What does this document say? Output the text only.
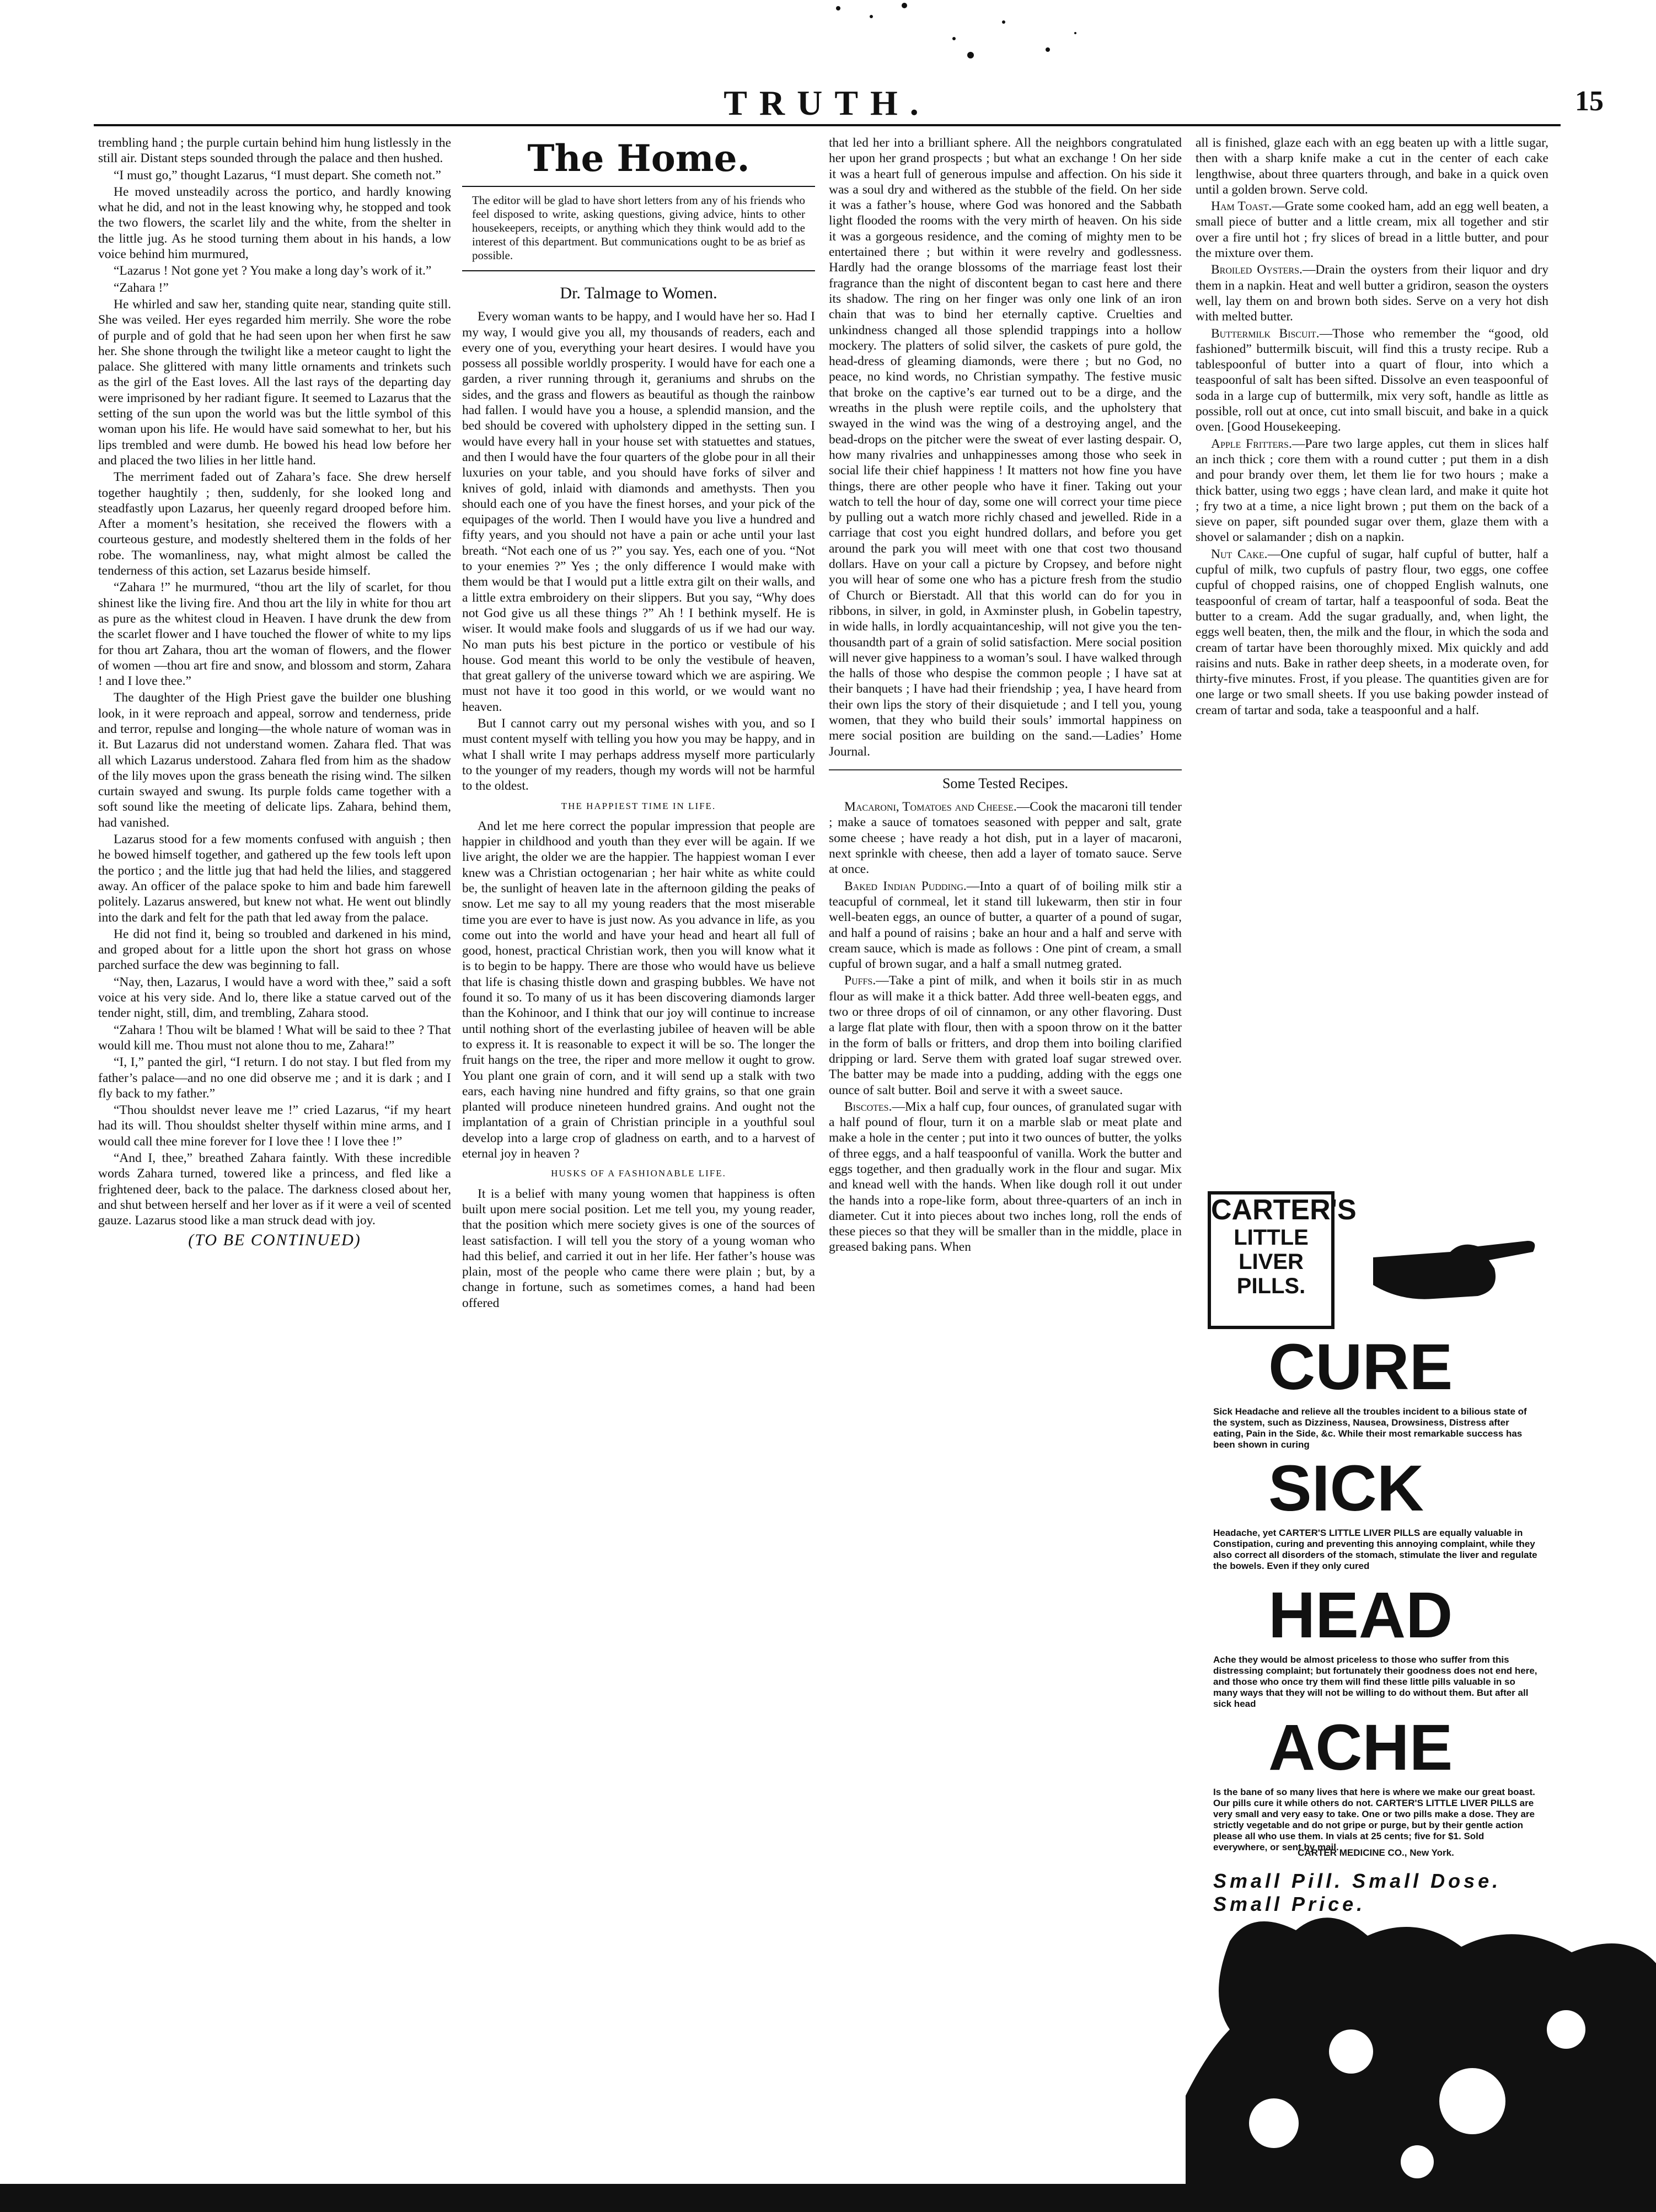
TRUTH.	15

trembling hand ; the purple curtain behind him hung listlessly in the still air. Distant steps sounded through the palace and then hushed.

“I must go,” thought Lazarus, “I must depart. She cometh not.”

He moved unsteadily across the portico, and hardly knowing what he did, and not in the least knowing why, he stopped and took the two flowers, the scarlet lily and the white, from the shelter in the little jug. As he stood turning them about in his hands, a low voice behind him murmured,

“Lazarus ! Not gone yet ? You make a long day’s work of it.”

“Zahara !”

He whirled and saw her, standing quite near, standing quite still. She was veiled. Her eyes regarded him merrily. She wore the robe of purple and of gold that he had seen upon her when first he saw her. She shone through the twilight like a meteor caught to light the palace. She glittered with many little ornaments and trinkets such as the girl of the East loves. All the last rays of the departing day were imprisoned by her radiant figure. It seemed to Lazarus that the setting of the sun upon the world was but the little symbol of this woman upon his life. He would have said somewhat to her, but his lips trembled and were dumb. He bowed his head low before her and placed the two lilies in her little hand.

The merriment faded out of Zahara’s face. She drew herself together haughtily ; then, suddenly, for she looked long and steadfastly upon Lazarus, her queenly regard drooped before him. After a moment’s hesitation, she received the flowers with a courteous gesture, and modestly sheltered them in the folds of her robe. The womanliness, nay, what might almost be called the tenderness of this action, set Lazarus beside himself.

“Zahara !” he murmured, “thou art the lily of scarlet, for thou shinest like the living fire. And thou art the lily in white for thou art as pure as the whitest cloud in Heaven. I have drunk the dew from the scarlet flower and I have touched the flower of white to my lips for thou art Zahara, thou art the woman of flowers, and the flower of women —thou art fire and snow, and blossom and storm, Zahara ! and I love thee.”

The daughter of the High Priest gave the builder one blushing look, in it were reproach and appeal, sorrow and tenderness, pride and terror, repulse and longing—the whole nature of woman was in it. But Lazarus did not understand women. Zahara fled. That was all which Lazarus understood. Zahara fled from him as the shadow of the lily moves upon the grass beneath the rising wind. The silken curtain swayed and swung. Its purple folds came together with a soft sound like the meeting of delicate lips. Zahara, behind them, had vanished.

Lazarus stood for a few moments confused with anguish ; then he bowed himself together, and gathered up the few tools left upon the portico ; and the little jug that had held the lilies, and staggered away. An officer of the palace spoke to him and bade him farewell politely. Lazarus answered, but knew not what. He went out blindly into the dark and felt for the path that led away from the palace.

He did not find it, being so troubled and darkened in his mind, and groped about for a little upon the short hot grass on whose parched surface the dew was beginning to fall.

“Nay, then, Lazarus, I would have a word with thee,” said a soft voice at his very side. And lo, there like a statue carved out of the tender night, still, dim, and trembling, Zahara stood.

“Zahara ! Thou wilt be blamed ! What will be said to thee ? That would kill me. Thou must not alone thou to me, Zahara!”

“I, I,” panted the girl, “I return. I do not stay. I but fled from my father’s palace—and no one did observe me ; and it is dark ; and I fly back to my father.”

“Thou shouldst never leave me !” cried Lazarus, “if my heart had its will. Thou shouldst shelter thyself within mine arms, and I would call thee mine forever for I love thee ! I love thee !”

“And I, thee,” breathed Zahara faintly. With these incredible words Zahara turned, towered like a princess, and fled like a frightened deer, back to the palace. The darkness closed about her, and shut between herself and her lover as if it were a veil of scented gauze. Lazarus stood like a man struck dead with joy.

(TO BE CONTINUED)
The Home.

The editor will be glad to have short letters from any of his friends who feel disposed to write, asking questions, giving advice, hints to other housekeepers, receipts, or anything which they think would add to the interest of this department. But communications ought to be as brief as possible.

Dr. Talmage to Women.

Every woman wants to be happy, and I would have her so. Had I my way, I would give you all, my thousands of readers, each and every one of you, everything your heart desires. I would have you possess all possible worldly prosperity. I would have for each one a garden, a river running through it, geraniums and shrubs on the sides, and the grass and flowers as beautiful as though the rainbow had fallen. I would have you a house, a splendid mansion, and the bed should be covered with upholstery dipped in the setting sun. I would have every hall in your house set with statuettes and statues, and then I would have the four quarters of the globe pour in all their luxuries on your table, and you should have forks of silver and knives of gold, inlaid with diamonds and amethysts. Then you should each one of you have the finest horses, and your pick of the equipages of the world. Then I would have you live a hundred and fifty years, and you should not have a pain or ache until your last breath. “Not each one of us ?” you say. Yes, each one of you. “Not to your enemies ?” Yes ; the only difference I would make with them would be that I would put a little extra gilt on their walls, and a little extra embroidery on their slippers. But you say, “Why does not God give us all these things ?” Ah ! I bethink myself. He is wiser. It would make fools and sluggards of us if we had our way. No man puts his best picture in the portico or vestibule of his house. God meant this world to be only the vestibule of heaven, that great gallery of the universe toward which we are aspiring. We must not have it too good in this world, or we would want no heaven.

But I cannot carry out my personal wishes with you, and so I must content myself with telling you how you may be happy, and in what I shall write I may perhaps address myself more particularly to the younger of my readers, though my words will not be harmful to the oldest.

THE HAPPIEST TIME IN LIFE.

And let me here correct the popular impression that people are happier in childhood and youth than they ever will be again. If we live aright, the older we are the happier. The happiest woman I ever knew was a Christian octogenarian ; her hair white as white could be, the sunlight of heaven late in the afternoon gilding the peaks of snow. Let me say to all my young readers that the most miserable time you are ever to have is just now. As you advance in life, as you come out into the world and have your head and heart all full of good, honest, practical Christian work, then you will know what it is to begin to be happy. There are those who would have us believe that life is chasing thistle down and grasping bubbles. We have not found it so. To many of us it has been discovering diamonds larger than the Kohinoor, and I think that our joy will continue to increase until nothing short of the everlasting jubilee of heaven will be able to express it. It is reasonable to expect it will be so. The longer the fruit hangs on the tree, the riper and more mellow it ought to grow. You plant one grain of corn, and it will send up a stalk with two ears, each having nine hundred and fifty grains, so that one grain planted will produce nineteen hundred grains. And ought not the implantation of a grain of Christian principle in a youthful soul develop into a large crop of gladness on earth, and to a harvest of eternal joy in heaven ?

HUSKS OF A FASHIONABLE LIFE.

It is a belief with many young women that happiness is often built upon mere social position. Let me tell you, my young reader, that the position which mere society gives is one of the sources of least satisfaction. I will tell you the story of a young woman who had this belief, and carried it out in her life. Her father’s house was plain, most of the people who came there were plain ; but, by a change in fortune, such as sometimes comes, a hand had been offered

that led her into a brilliant sphere. All the neighbors congratulated her upon her grand prospects ; but what an exchange ! On her side it was a heart full of generous impulse and affection. On his side it was a soul dry and withered as the stubble of the field. On her side it was a father’s house, where God was honored and the Sabbath light flooded the rooms with the very mirth of heaven. On his side it was a gorgeous residence, and the coming of mighty men to be entertained there ; but within it were revelry and godlessness. Hardly had the orange blossoms of the marriage feast lost their fragrance than the night of discontent began to cast here and there its shadow. The ring on her finger was only one link of an iron chain that was to bind her eternally captive. Cruelties and unkindness changed all those splendid trappings into a hollow mockery. The platters of solid silver, the caskets of pure gold, the head-dress of gleaming diamonds, were there ; but no God, no peace, no kind words, no Christian sympathy. The festive music that broke on the captive’s ear turned out to be a dirge, and the wreaths in the plush were reptile coils, and the upholstery that swayed in the wind was the wing of a destroying angel, and the bead-drops on the pitcher were the sweat of ever lasting despair. O, how many rivalries and unhappinesses among those who seek in social life their chief happiness ! It matters not how fine you have things, there are other people who have it finer. Taking out your watch to tell the hour of day, some one will correct your time piece by pulling out a watch more richly chased and jewelled. Ride in a carriage that cost you eight hundred dollars, and before you get around the park you will meet with one that cost two thousand dollars. Have on your call a picture by Cropsey, and before night you will hear of some one who has a picture fresh from the studio of Church or Bierstadt. All that this world can do for you in ribbons, in silver, in gold, in Axminster plush, in Gobelin tapestry, in wide halls, in lordly acquaintanceship, will not give you the ten-thousandth part of a grain of solid satisfaction. Mere social position will never give happiness to a woman’s soul. I have walked through the halls of those who despise the common people ; I have sat at their banquets ; I have had their friendship ; yea, I have heard from their own lips the story of their disquietude ; and I tell you, young women, that they who build their souls’ immortal happiness on mere social position are building on the sand.—Ladies’ Home Journal.

Some Tested Recipes.

Macaroni, Tomatoes and Cheese.—Cook the macaroni till tender ; make a sauce of tomatoes seasoned with pepper and salt, grate some cheese ; have ready a hot dish, put in a layer of macaroni, next sprinkle with cheese, then add a layer of tomato sauce. Serve at once.

Baked Indian Pudding.—Into a quart of of boiling milk stir a teacupful of cornmeal, let it stand till lukewarm, then stir in four well-beaten eggs, an ounce of butter, a quarter of a pound of sugar, and half a pound of raisins ; bake an hour and a half and serve with cream sauce, which is made as follows : One pint of cream, a small cupful of brown sugar, and a half a small nutmeg grated.

Puffs.—Take a pint of milk, and when it boils stir in as much flour as will make it a thick batter. Add three well-beaten eggs, and two or three drops of oil of cinnamon, or any other flavoring. Dust a large flat plate with flour, then with a spoon throw on it the batter in the form of balls or fritters, and drop them into boiling clarified dripping or lard. Serve them with grated loaf sugar strewed over. The batter may be made into a pudding, adding with the eggs one ounce of salt butter. Boil and serve it with a sweet sauce.

Biscotes.—Mix a half cup, four ounces, of granulated sugar with a half pound of flour, turn it on a marble slab or meat plate and make a hole in the center ; put into it two ounces of butter, the yolks of three eggs, and a half teaspoonful of vanilla. Work the butter and eggs together, and then gradually work in the flour and sugar. Mix and knead well with the hands. When like dough roll it out under the hands into a rope-like form, about three-quarters of an inch in diameter. Cut it into pieces about two inches long, roll the ends of these pieces so that they will be smaller than in the middle, place in greased baking pans. When

all is finished, glaze each with an egg beaten up with a little sugar, then with a sharp knife make a cut in the center of each cake lengthwise, about three quarters through, and bake in a quick oven until a golden brown. Serve cold.

Ham Toast.—Grate some cooked ham, add an egg well beaten, a small piece of butter and a little cream, mix all together and stir over a fire until hot ; fry slices of bread in a little butter, and pour the mixture over them.

Broiled Oysters.—Drain the oysters from their liquor and dry them in a napkin. Heat and well butter a gridiron, season the oysters well, lay them on and brown both sides. Serve on a very hot dish with melted butter.

Buttermilk Biscuit.—Those who remember the “good, old fashioned” buttermilk biscuit, will find this a trusty recipe. Rub a tablespoonful of butter into a quart of flour, into which a teaspoonful of salt has been sifted. Dissolve an even teaspoonful of soda in a large cup of buttermilk, mix very soft, handle as little as possible, roll out at once, cut into small biscuit, and bake in a quick oven. [Good Housekeeping.

Apple Fritters.—Pare two large apples, cut them in slices half an inch thick ; core them with a round cutter ; put them in a dish and pour brandy over them, let them lie for two hours ; make a thick batter, using two eggs ; have clean lard, and make it quite hot ; fry two at a time, a nice light brown ; put them on the back of a sieve on paper, sift pounded sugar over them, glaze them with a shovel or salamander ; dish on a napkin.

Nut Cake.—One cupful of sugar, half cupful of butter, half a cupful of milk, two cupfuls of pastry flour, two eggs, one coffee cupful of chopped raisins, one of chopped English walnuts, one teaspoonful of cream of tartar, half a teaspoonful of soda. Beat the butter to a cream. Add the sugar gradually, and, when light, the eggs well beaten, then, the milk and the flour, in which the soda and cream of tartar have been thoroughly mixed. Mix quickly and add raisins and nuts. Bake in rather deep sheets, in a moderate oven, for thirty-five minutes. Frost, if you please. The quantities given are for one large or two small sheets. If you use baking powder instead of cream of tartar and soda, take a teaspoonful and a half.

CARTER'S
LITTLE
LIVER
PILLS.
CURE
Sick Headache and relieve all the troubles incident to a bilious state of the system, such as Dizziness, Nausea, Drowsiness, Distress after eating, Pain in the Side, &c. While their most remarkable success has been shown in curing
SICK
Headache, yet CARTER'S LITTLE LIVER PILLS are equally valuable in Constipation, curing and preventing this annoying complaint, while they also correct all disorders of the stomach, stimulate the liver and regulate the bowels. Even if they only cured
HEAD
Ache they would be almost priceless to those who suffer from this distressing complaint; but fortunately their goodness does not end here, and those who once try them will find these little pills valuable in so many ways that they will not be willing to do without them. But after all sick head
ACHE
Is the bane of so many lives that here is where we make our great boast. Our pills cure it while others do not. CARTER'S LITTLE LIVER PILLS are very small and very easy to take. One or two pills make a dose. They are strictly vegetable and do not gripe or purge, but by their gentle action please all who use them. In vials at 25 cents; five for $1. Sold everywhere, or sent by mail.
CARTER MEDICINE CO., New York.
Small Pill. Small Dose. Small Price.
